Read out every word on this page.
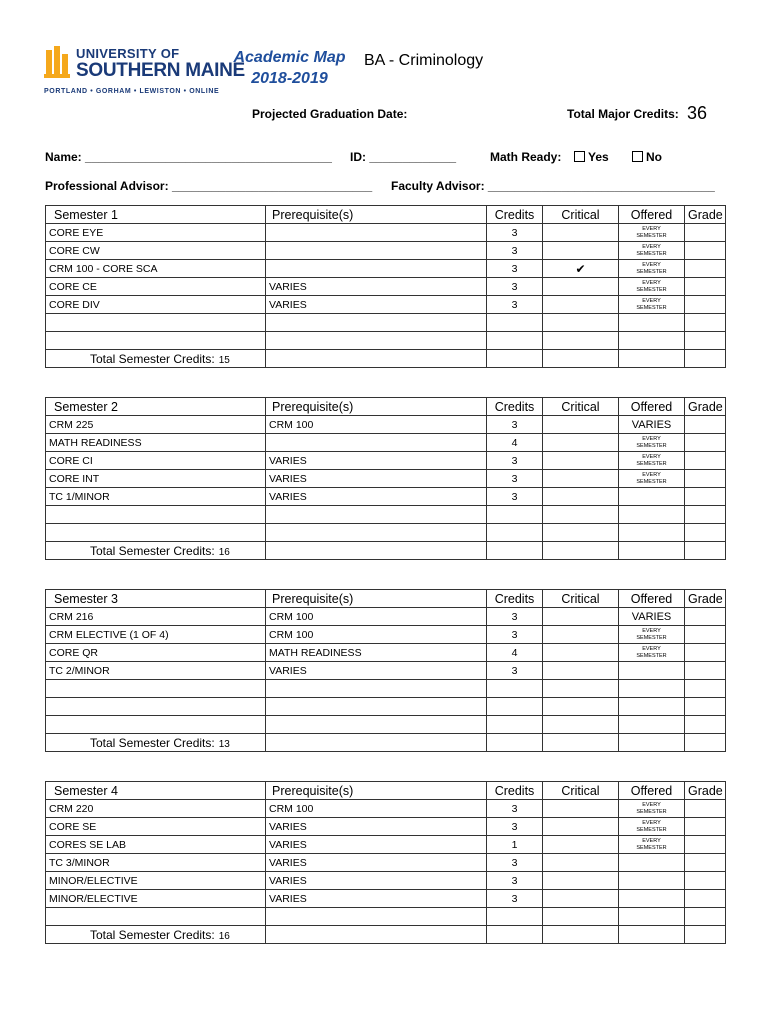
UNIVERSITY OF
SOUTHERN MAINE
PORTLAND • GORHAM • LEWISTON • ONLINE
Academic Map
2018-2019
BA - Criminology
Projected Graduation Date:	Total Major Credits: 36
Name: _____________________________________ ID: _____________	Math Ready:	Yes	No
Professional Advisor: ______________________________ Faculty Advisor: __________________________________
Semester 1	Prerequisite(s)	Credits	Critical	Offered	Grade
CORE EYE		3		EVERY SEMESTER	
CORE CW		3		EVERY SEMESTER	
CRM 100 - CORE SCA		3	✔	EVERY SEMESTER	
CORE CE	VARIES	3		EVERY SEMESTER	
CORE DIV	VARIES	3		EVERY SEMESTER	

Total Semester Credits: 15					
Semester 2	Prerequisite(s)	Credits	Critical	Offered	Grade
CRM 225	CRM 100	3		VARIES	
MATH READINESS		4		EVERY SEMESTER	
CORE CI	VARIES	3		EVERY SEMESTER	
CORE INT	VARIES	3		EVERY SEMESTER	
TC 1/MINOR	VARIES	3			

Total Semester Credits: 16					
Semester 3	Prerequisite(s)	Credits	Critical	Offered	Grade
CRM 216	CRM 100	3		VARIES	
CRM ELECTIVE (1 OF 4)	CRM 100	3		EVERY SEMESTER	
CORE QR	MATH READINESS	4		EVERY SEMESTER	
TC 2/MINOR	VARIES	3			

Total Semester Credits: 13					
Semester 4	Prerequisite(s)	Credits	Critical	Offered	Grade
CRM 220	CRM 100	3		EVERY SEMESTER	
CORE SE	VARIES	3		EVERY SEMESTER	
CORES SE LAB	VARIES	1		EVERY SEMESTER	
TC 3/MINOR	VARIES	3			
MINOR/ELECTIVE	VARIES	3			
MINOR/ELECTIVE	VARIES	3			

Total Semester Credits: 16					
